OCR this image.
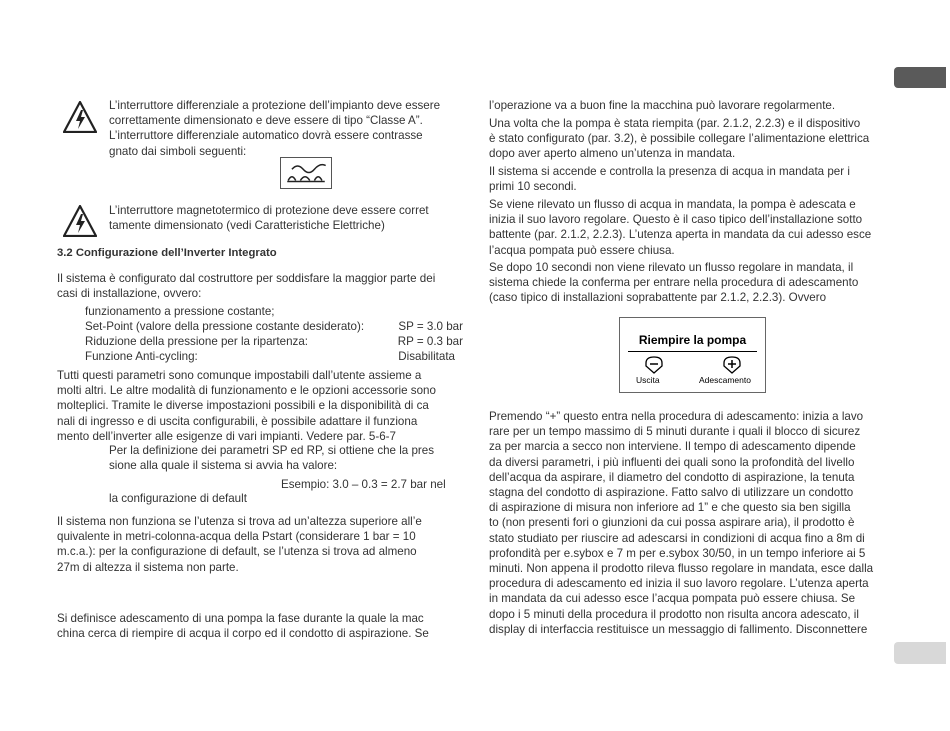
L’interruttore differenziale a protezione dell’impianto deve essere
correttamente dimensionato e deve essere di tipo “Classe A”.
L’interruttore differenziale automatico dovrà essere contrasse
gnato dai simboli seguenti:
L’interruttore magnetotermico di protezione deve essere corret
tamente dimensionato (vedi Caratteristiche Elettriche)
3.2 Configurazione dell’Inverter Integrato
Il sistema è configurato dal costruttore per soddisfare la maggior parte dei
casi di installazione, ovvero:
funzionamento a pressione costante;
Set-Point (valore della pressione costante desiderato):	SP = 3.0 bar
Riduzione della pressione per la ripartenza:	RP = 0.3 bar
Funzione Anti-cycling:	Disabilitata
Tutti questi parametri sono comunque impostabili dall’utente assieme a
molti altri. Le altre modalità di funzionamento e le opzioni accessorie sono
molteplici. Tramite le diverse impostazioni possibili e la disponibilità di ca
nali di ingresso e di uscita configurabili, è possibile adattare il funziona
mento dell’inverter alle esigenze di vari impianti. Vedere par. 5-6-7
Per la definizione dei parametri SP ed RP, si ottiene che la pres
sione alla quale il sistema si avvia ha valore:
Esempio: 3.0 – 0.3 = 2.7 bar nel
la configurazione di default
Il sistema non funziona se l’utenza si trova ad un’altezza superiore all’e
quivalente in metri-colonna-acqua della Pstart (considerare 1 bar = 10
m.c.a.): per la configurazione di default, se l’utenza si trova ad almeno
27m di altezza il sistema non parte.
Si definisce adescamento di una pompa la fase durante la quale la mac
china cerca di riempire di acqua il corpo ed il condotto di aspirazione. Se
l’operazione va a buon fine la macchina può lavorare regolarmente.
Una volta che la pompa è stata riempita (par. 2.1.2, 2.2.3) e il dispositivo
è stato configurato (par. 3.2), è possibile collegare l’alimentazione elettrica
dopo aver aperto almeno un’utenza in mandata.
Il sistema si accende e controlla la presenza di acqua in mandata per i
primi 10 secondi.
Se viene rilevato un flusso di acqua in mandata, la pompa è adescata e
inizia il suo lavoro regolare. Questo è il caso tipico dell’installazione sotto
battente (par. 2.1.2, 2.2.3). L’utenza aperta in mandata da cui adesso esce
l’acqua pompata può essere chiusa.
Se dopo 10 secondi non viene rilevato un flusso regolare in mandata, il
sistema chiede la conferma per entrare nella procedura di adescamento
(caso tipico di installazioni soprabattente par 2.1.2, 2.2.3). Ovvero
Riempire la pompa
Uscita	Adescamento
Premendo “+” questo entra nella procedura di adescamento: inizia a lavo
rare per un tempo massimo di 5 minuti durante i quali il blocco di sicurez
za per marcia a secco non interviene. Il tempo di adescamento dipende
da diversi parametri, i più influenti dei quali sono la profondità del livello
dell’acqua da aspirare, il diametro del condotto di aspirazione, la tenuta
stagna del condotto di aspirazione. Fatto salvo di utilizzare un condotto
di aspirazione di misura non inferiore ad 1” e che questo sia ben sigilla
to (non presenti fori o giunzioni da cui possa aspirare aria), il prodotto è
stato studiato per riuscire ad adescarsi in condizioni di acqua fino a 8m di
profondità per e.sybox e 7 m per e.sybox 30/50, in un tempo inferiore ai 5
minuti. Non appena il prodotto rileva flusso regolare in mandata, esce dalla
procedura di adescamento ed inizia il suo lavoro regolare. L’utenza aperta
in mandata da cui adesso esce l’acqua pompata può essere chiusa. Se
dopo i 5 minuti della procedura il prodotto non risulta ancora adescato, il
display di interfaccia restituisce un messaggio di fallimento. Disconnettere
